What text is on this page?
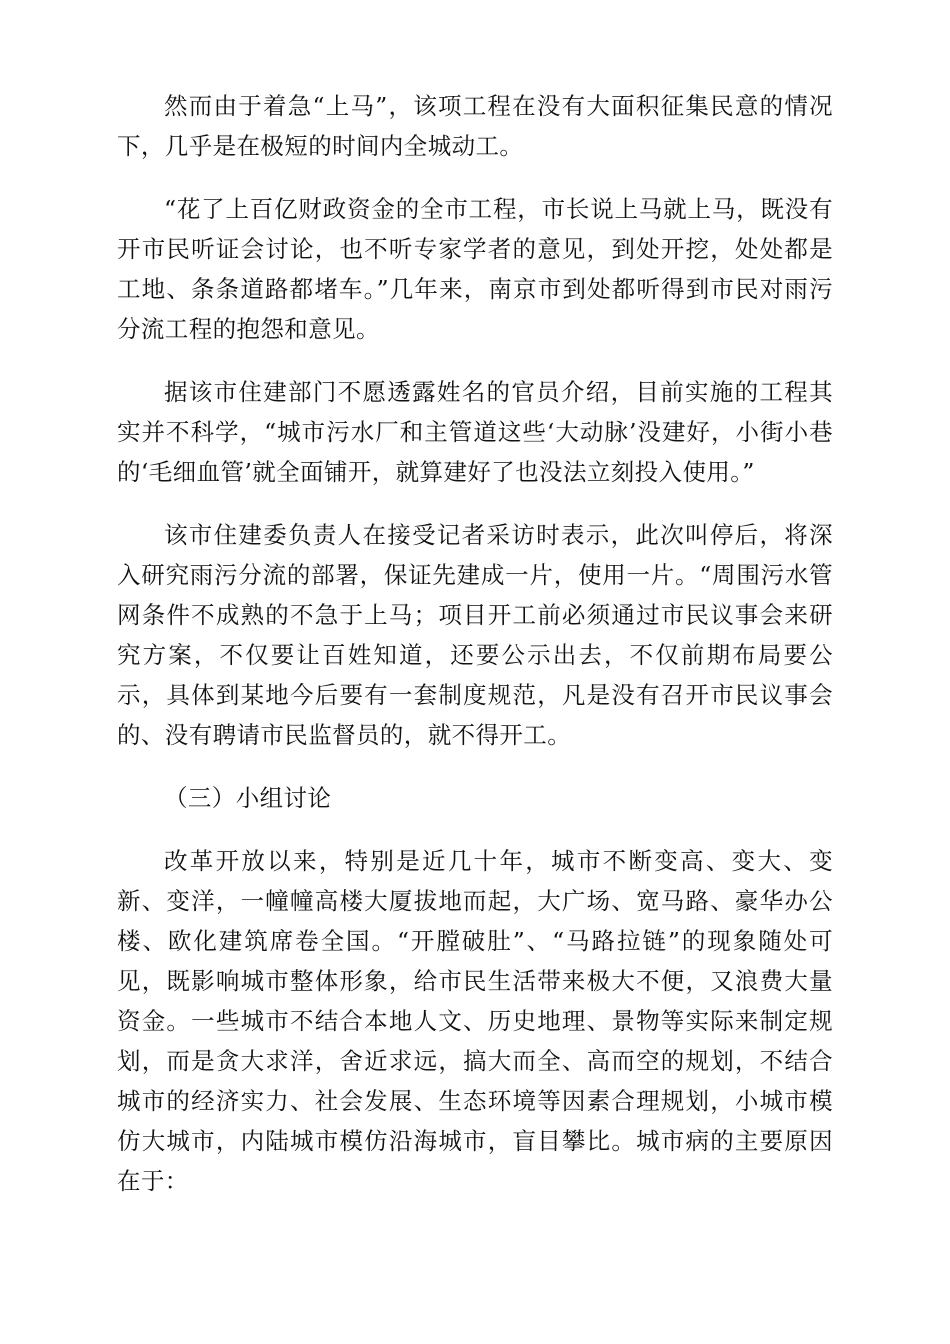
然而由于着急“上马”，该项工程在没有大面积征集民意的情况下，几乎是在极短的时间内全城动工。

“花了上百亿财政资金的全市工程，市长说上马就上马，既没有开市民听证会讨论，也不听专家学者的意见，到处开挖，处处都是工地、条条道路都堵车。”几年来，南京市到处都听得到市民对雨污分流工程的抱怨和意见。

据该市住建部门不愿透露姓名的官员介绍，目前实施的工程其实并不科学，“城市污水厂和主管道这些‘大动脉’没建好，小街小巷的‘毛细血管’就全面铺开，就算建好了也没法立刻投入使用。”

该市住建委负责人在接受记者采访时表示，此次叫停后，将深入研究雨污分流的部署，保证先建成一片，使用一片。“周围污水管网条件不成熟的不急于上马；项目开工前必须通过市民议事会来研究方案，不仅要让百姓知道，还要公示出去，不仅前期布局要公示，具体到某地今后要有一套制度规范，凡是没有召开市民议事会的、没有聘请市民监督员的，就不得开工。

（三）小组讨论

改革开放以来，特别是近几十年，城市不断变高、变大、变新、变洋，一幢幢高楼大厦拔地而起，大广场、宽马路、豪华办公楼、欧化建筑席卷全国。“开膛破肚”、“马路拉链”的现象随处可见，既影响城市整体形象，给市民生活带来极大不便，又浪费大量资金。一些城市不结合本地人文、历史地理、景物等实际来制定规划，而是贪大求洋，舍近求远，搞大而全、高而空的规划，不结合城市的经济实力、社会发展、生态环境等因素合理规划，小城市模仿大城市，内陆城市模仿沿海城市，盲目攀比。城市病的主要原因在于：
